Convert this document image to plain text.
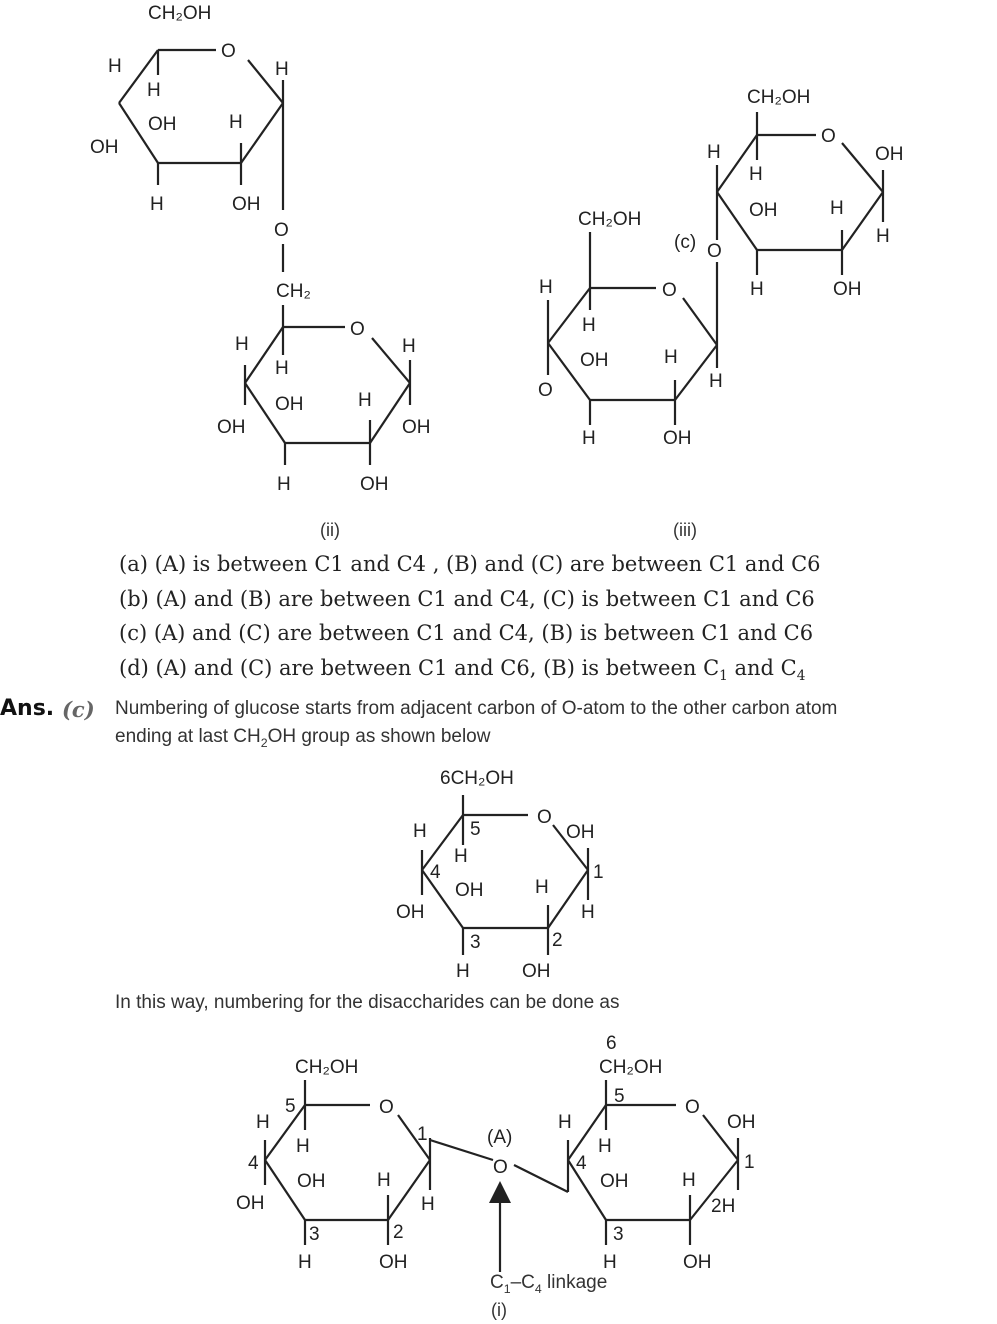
CH₂OH
O
H
H
H
OH	H
OH
H	OH
O
CH₂
O
H
H
H
OH	H
OH	OH
H	OH
CH₂OH
O
H	OH
H
OH	H
H
H	OH
(c) O
CH₂OH
O
H
H
OH	H
H
O
H	OH
6CH₂OH
O
OH
H 5
H
4	1
OH	H
OH	H
3	2
H	OH
CH₂OH
O
5
H
1
H
4
OH	H
OH	H
3	2
H	OH
(A)
O
6
CH₂OH
O
5
H	OH
H
1
4
OH	H
2H
3
H	OH
(ii)	(iii)
(a) (A) is between C1 and C4 , (B) and (C) are between C1 and C6
(b) (A) and (B) are between C1 and C4, (C) is between C1 and C6
(c) (A) and (C) are between C1 and C4, (B) is between C1 and C6
(d) (A) and (C) are between C1 and C6, (B) is between $C_1$ and $C_4$
Ans. (c) Numbering of glucose starts from adjacent carbon of O-atom to the other carbon atom
ending at last $CH_2OH$ group as shown below
In this way, numbering for the disaccharides can be done as
$C_1-C_4$ linkage
(i)
